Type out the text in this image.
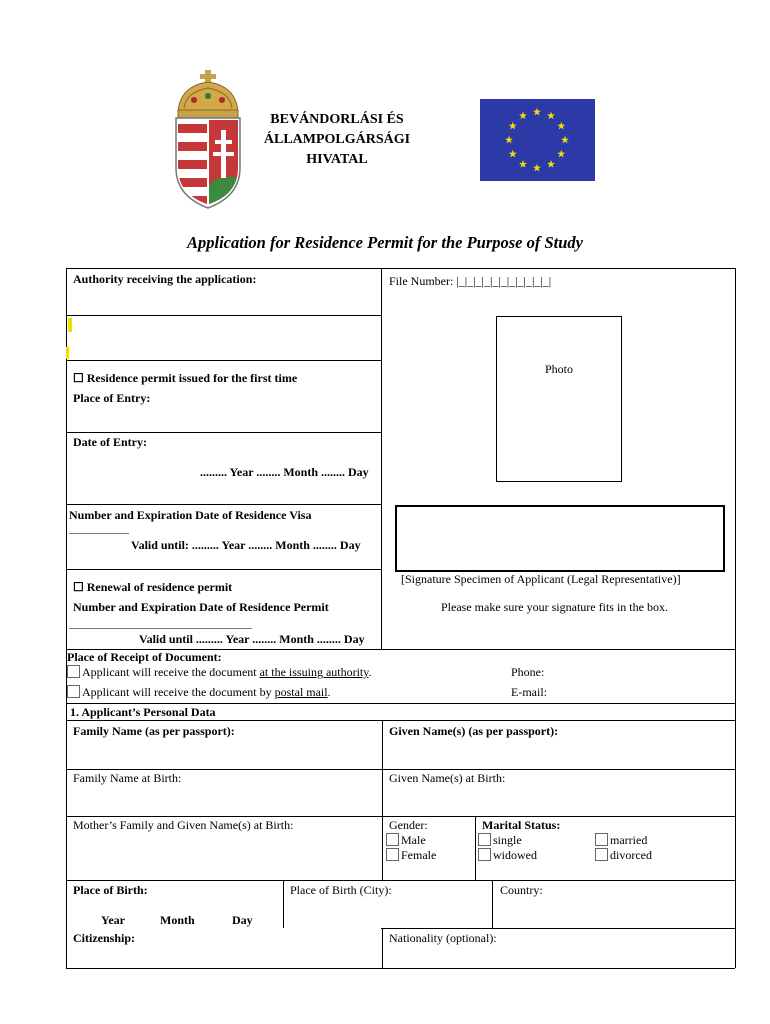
BEVÁNDORLÁSI ÉS
ÁLLAMPOLGÁRSÁGI
HIVATAL
Application for Residence Permit for the Purpose of Study
Authority receiving the application:	File Number: |_|_|_|_|_|_|_|_|_|_|_|
Photo
☐ Residence permit issued for the first time
Place of Entry:
Date of Entry:
......... Year ........ Month ........ Day
Number and Expiration Date of Residence Visa
Valid until: ......... Year ........ Month ........ Day
[Signature Specimen of Applicant (Legal Representative)]
Please make sure your signature fits in the box.
☐ Renewal of residence permit
Number and Expiration Date of Residence Permit
Valid until ......... Year ........ Month ........ Day
Place of Receipt of Document:
Applicant will receive the document at the issuing authority.
Applicant will receive the document by postal mail.
Phone:
E-mail:
1. Applicant’s Personal Data
Family Name (as per passport):	Given Name(s) (as per passport):
Family Name at Birth:	Given Name(s) at Birth:
Mother’s Family and Given Name(s) at Birth:	Gender:
Male
Female
Marital Status:
single
widowed
married
divorced
Place of Birth:	Place of Birth (City):	Country:
Year	Month	Day
Citizenship:	Nationality (optional):
